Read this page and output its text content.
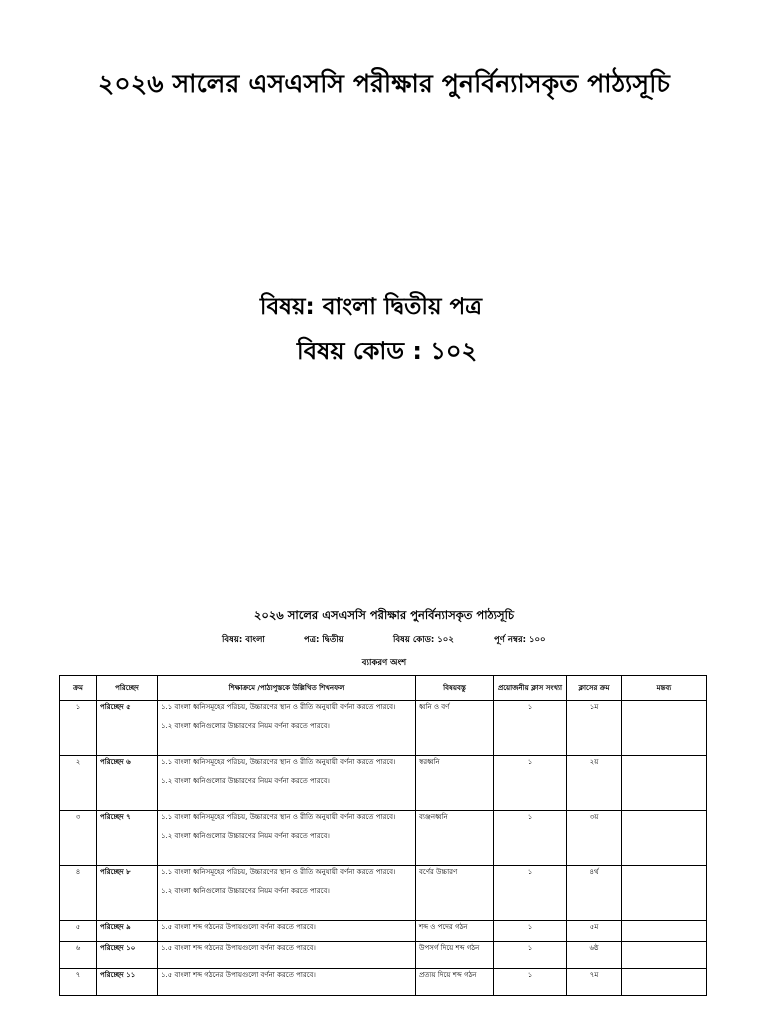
২০২৬ সালের এসএসসি পরীক্ষার পুনর্বিন্যাসকৃত পাঠ্যসূচি
বিষয়: বাংলা দ্বিতীয় পত্র
বিষয় কোড : ১০২
২০২৬ সালের এসএসসি পরীক্ষার পুনর্বিন্যাসকৃত পাঠ্যসূচি
বিষয়: বাংলা	পত্র: দ্বিতীয়	বিষয় কোড: ১০২	পূর্ণ নম্বর: ১০০
ব্যাকরণ অংশ
ক্রম	পরিচ্ছেদ	শিক্ষাক্রমে /পাঠ্যপুস্তকে উল্লিখিত শিখনফল	বিষয়বস্তু	প্রয়োজনীয় ক্লাস সংখ্যা	ক্লাসের ক্রম	মন্তব্য
১	পরিচ্ছেদ ৫	১.১ বাংলা ধ্বনিসমূহের পরিচয়, উচ্চারণের স্থান ও রীতি অনুযায়ী বর্ণনা করতে পারবে।

১.২ বাংলা ধ্বনিগুলোর উচ্চারণের নিয়ম বর্ণনা করতে পারবে।	ধ্বনি ও বর্ণ	১	১ম	
২	পরিচ্ছেদ ৬	১.১ বাংলা ধ্বনিসমূহের পরিচয়, উচ্চারণের স্থান ও রীতি অনুযায়ী বর্ণনা করতে পারবে।

১.২ বাংলা ধ্বনিগুলোর উচ্চারণের নিয়ম বর্ণনা করতে পারবে।	স্বরধ্বনি	১	২য়	
৩	পরিচ্ছেদ ৭	১.১ বাংলা ধ্বনিসমূহের পরিচয়, উচ্চারণের স্থান ও রীতি অনুযায়ী বর্ণনা করতে পারবে।

১.২ বাংলা ধ্বনিগুলোর উচ্চারণের নিয়ম বর্ণনা করতে পারবে।	ব্যঞ্জনধ্বনি	১	৩য়	
৪	পরিচ্ছেদ ৮	১.১ বাংলা ধ্বনিসমূহের পরিচয়, উচ্চারণের স্থান ও রীতি অনুযায়ী বর্ণনা করতে পারবে।

১.২ বাংলা ধ্বনিগুলোর উচ্চারণের নিয়ম বর্ণনা করতে পারবে।	বর্ণের উচ্চারণ	১	৪র্থ	
৫	পরিচ্ছেদ ৯	১.৫ বাংলা শব্দ গঠনের উপায়গুলো বর্ণনা করতে পারবে।	শব্দ ও পদের গঠন	১	৫ম	
৬	পরিচ্ছেদ ১০	১.৫ বাংলা শব্দ গঠনের উপায়গুলো বর্ণনা করতে পারবে।	উপসর্গ দিয়ে শব্দ গঠন	১	৬ষ্ঠ	
৭	পরিচ্ছেদ ১১	১.৫ বাংলা শব্দ গঠনের উপায়গুলো বর্ণনা করতে পারবে।	প্রত্যয় দিয়ে শব্দ গঠন	১	৭ম	
